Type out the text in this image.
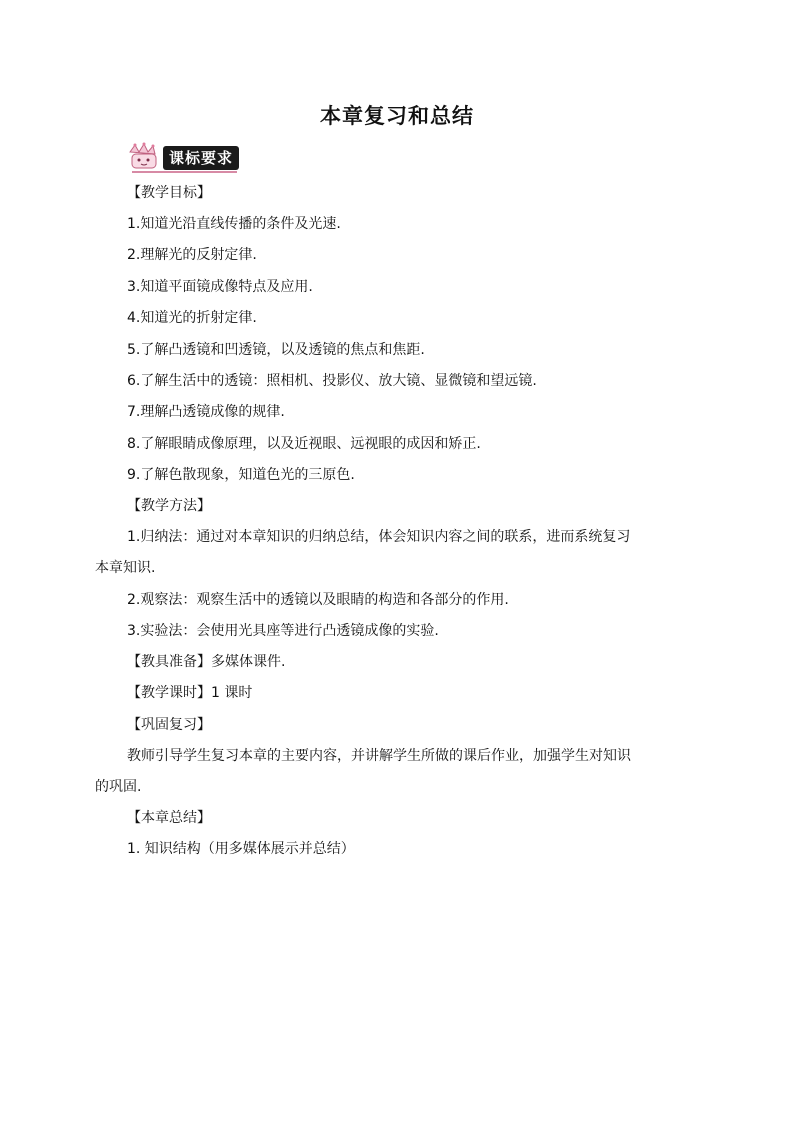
本章复习和总结
课标要求
【教学目标】
1.知道光沿直线传播的条件及光速.
2.理解光的反射定律.
3.知道平面镜成像特点及应用.
4.知道光的折射定律.
5.了解凸透镜和凹透镜，以及透镜的焦点和焦距.
6.了解生活中的透镜：照相机、投影仪、放大镜、显微镜和望远镜.
7.理解凸透镜成像的规律.
8.了解眼睛成像原理，以及近视眼、远视眼的成因和矫正.
9.了解色散现象，知道色光的三原色.
【教学方法】
1.归纳法：通过对本章知识的归纳总结，体会知识内容之间的联系，进而系统复习
本章知识.
2.观察法：观察生活中的透镜以及眼睛的构造和各部分的作用.
3.实验法：会使用光具座等进行凸透镜成像的实验.
【教具准备】多媒体课件.
【教学课时】1 课时
【巩固复习】
教师引导学生复习本章的主要内容，并讲解学生所做的课后作业，加强学生对知识
的巩固.
【本章总结】
1. 知识结构（用多媒体展示并总结）
